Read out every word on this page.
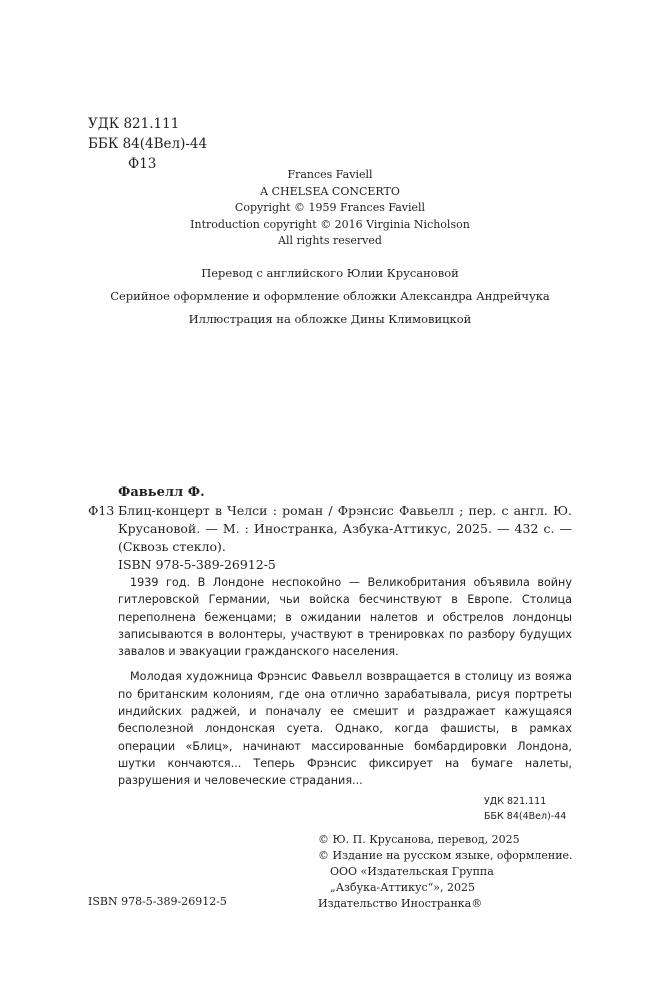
УДК 821.111
ББК 84(4Вел)-44
Ф13
Frances Faviell
A CHELSEA CONCERTO
Copyright © 1959 Frances Faviell
Introduction copyright © 2016 Virginia Nicholson
All rights reserved
Перевод с английского Юлии Крусановой
Серийное оформление и оформление обложки Александра Андрейчука
Иллюстрация на обложке Дины Климовицкой
Фавьелл Ф.
Ф13 Блиц-концерт в Челси : роман / Фрэнсис Фавьелл ; пер. с англ. Ю. Крусановой. — М. : Иностранка, Азбука-Аттикус, 2025. — 432 с. — (Сквозь стекло).
ISBN 978-5-389-26912-5

1939 год. В Лондоне неспокойно — Великобритания объявила войну гитлеровской Германии, чьи войска бесчинствуют в Европе. Столица переполнена беженцами; в ожидании налетов и обстрелов лондонцы записываются в волонтеры, участвуют в тренировках по разбору будущих завалов и эвакуации гражданского населения.

Молодая художница Фрэнсис Фавьелл возвращается в столицу из вояжа по британским колониям, где она отлично зарабатывала, рисуя портреты индийских раджей, и поначалу ее смешит и раздражает кажущаяся бесполезной лондонская суета. Однако, когда фашисты, в рамках операции «Блиц», начинают массированные бомбардировки Лондона, шутки кончаются... Теперь Фрэнсис фиксирует на бумаге налеты, разрушения и человеческие страдания...

УДК 821.111
ББК 84(4Вел)-44
© Ю. П. Крусанова, перевод, 2025
© Издание на русском языке, оформление.
ООО «Издательская Группа
„Азбука-Аттикус“», 2025
Издательство Иностранка®
ISBN 978-5-389-26912-5
